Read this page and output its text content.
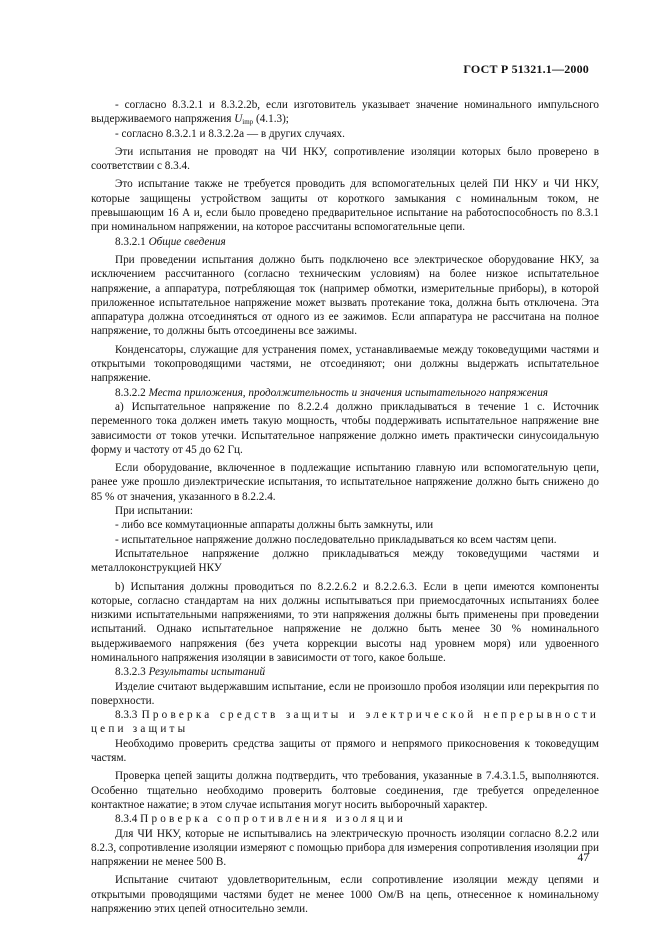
ГОСТ Р 51321.1—2000

- согласно 8.3.2.1 и 8.3.2.2b, если изготовитель указывает значение номинального импульсного выдерживаемого напряжения $U_{imp}$ (4.1.3);

- согласно 8.3.2.1 и 8.3.2.2a — в других случаях.

Эти испытания не проводят на ЧИ НКУ, сопротивление изоляции которых было проверено в соответствии с 8.3.4.

Это испытание также не требуется проводить для вспомогательных целей ПИ НКУ и ЧИ НКУ, которые защищены устройством защиты от короткого замыкания с номинальным током, не превышающим 16 А и, если было проведено предварительное испытание на работоспособность по 8.3.1 при номинальном напряжении, на которое рассчитаны вспомогательные цепи.

8.3.2.1 Общие сведения

При проведении испытания должно быть подключено все электрическое оборудование НКУ, за исключением рассчитанного (согласно техническим условиям) на более низкое испытательное напряжение, а аппаратура, потребляющая ток (например обмотки, измерительные приборы), в которой приложенное испытательное напряжение может вызвать протекание тока, должна быть отключена. Эта аппаратура должна отсоединяться от одного из ее зажимов. Если аппаратура не рассчитана на полное напряжение, то должны быть отсоединены все зажимы.

Конденсаторы, служащие для устранения помех, устанавливаемые между токоведущими частями и открытыми токопроводящими частями, не отсоединяют; они должны выдержать испытательное напряжение.

8.3.2.2 Места приложения, продолжительность и значения испытательного напряжения

а) Испытательное напряжение по 8.2.2.4 должно прикладываться в течение 1 с. Источник переменного тока должен иметь такую мощность, чтобы поддерживать испытательное напряжение вне зависимости от токов утечки. Испытательное напряжение должно иметь практически синусоидальную форму и частоту от 45 до 62 Гц.

Если оборудование, включенное в подлежащие испытанию главную или вспомогательную цепи, ранее уже прошло диэлектрические испытания, то испытательное напряжение должно быть снижено до 85 % от значения, указанного в 8.2.2.4.

При испытании:

- либо все коммутационные аппараты должны быть замкнуты, или

- испытательное напряжение должно последовательно прикладываться ко всем частям цепи.

Испытательное напряжение должно прикладываться между токоведущими частями и металлоконструкцией НКУ

b) Испытания должны проводиться по 8.2.2.6.2 и 8.2.2.6.3. Если в цепи имеются компоненты которые, согласно стандартам на них должны испытываться при приемосдаточных испытаниях более низкими испытательными напряжениями, то эти напряжения должны быть применены при проведении испытаний. Однако испытательное напряжение не должно быть менее 30 % номинального выдерживаемого напряжения (без учета коррекции высоты над уровнем моря) или удвоенного номинального напряжения изоляции в зависимости от того, какое больше.

8.3.2.3 Результаты испытаний

Изделие считают выдержавшим испытание, если не произошло пробоя изоляции или перекрытия по поверхности.

8.3.3 Проверка средств защиты и электрической непрерывности цепи защиты

Необходимо проверить средства защиты от прямого и непрямого прикосновения к токоведущим частям.

Проверка цепей защиты должна подтвердить, что требования, указанные в 7.4.3.1.5, выполняются. Особенно тщательно необходимо проверить болтовые соединения, где требуется определенное контактное нажатие; в этом случае испытания могут носить выборочный характер.

8.3.4 Проверка сопротивления изоляции

Для ЧИ НКУ, которые не испытывались на электрическую прочность изоляции согласно 8.2.2 или 8.2.3, сопротивление изоляции измеряют с помощью прибора для измерения сопротивления изоляции при напряжении не менее 500 В.

Испытание считают удовлетворительным, если сопротивление изоляции между цепями и открытыми проводящими частями будет не менее 1000 Ом/В на цепь, отнесенное к номинальному напряжению этих цепей относительно земли.

47
